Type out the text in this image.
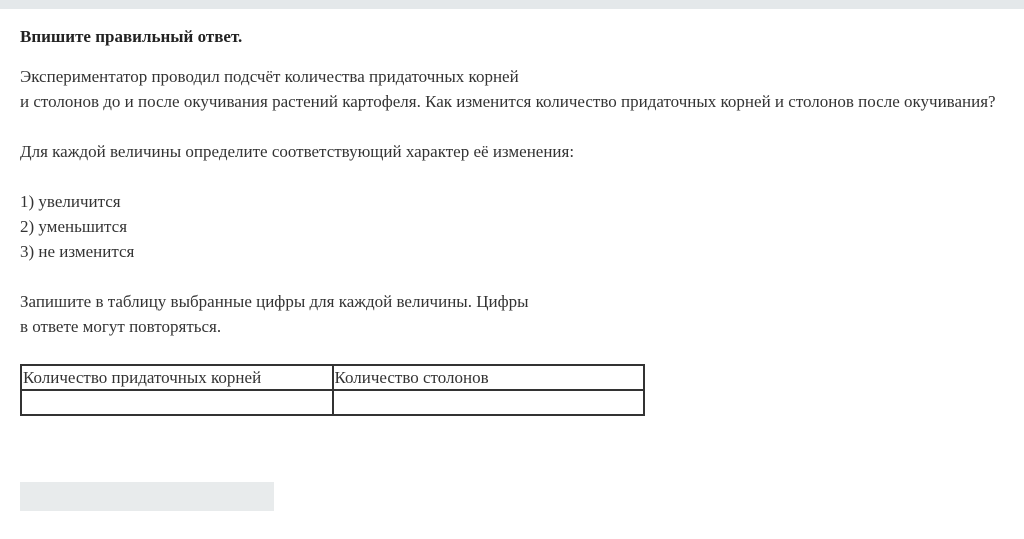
Впишите правильный ответ.
Экспериментатор проводил подсчёт количества придаточных корней
и столонов до и после окучивания растений картофеля. Как изменится количество придаточных корней и столонов после окучивания?
Для каждой величины определите соответствующий характер её изменения:
1) увеличится
2) уменьшится
3) не изменится
Запишите в таблицу выбранные цифры для каждой величины. Цифры
в ответе могут повторяться.
Количество придаточных корней	Количество столонов
